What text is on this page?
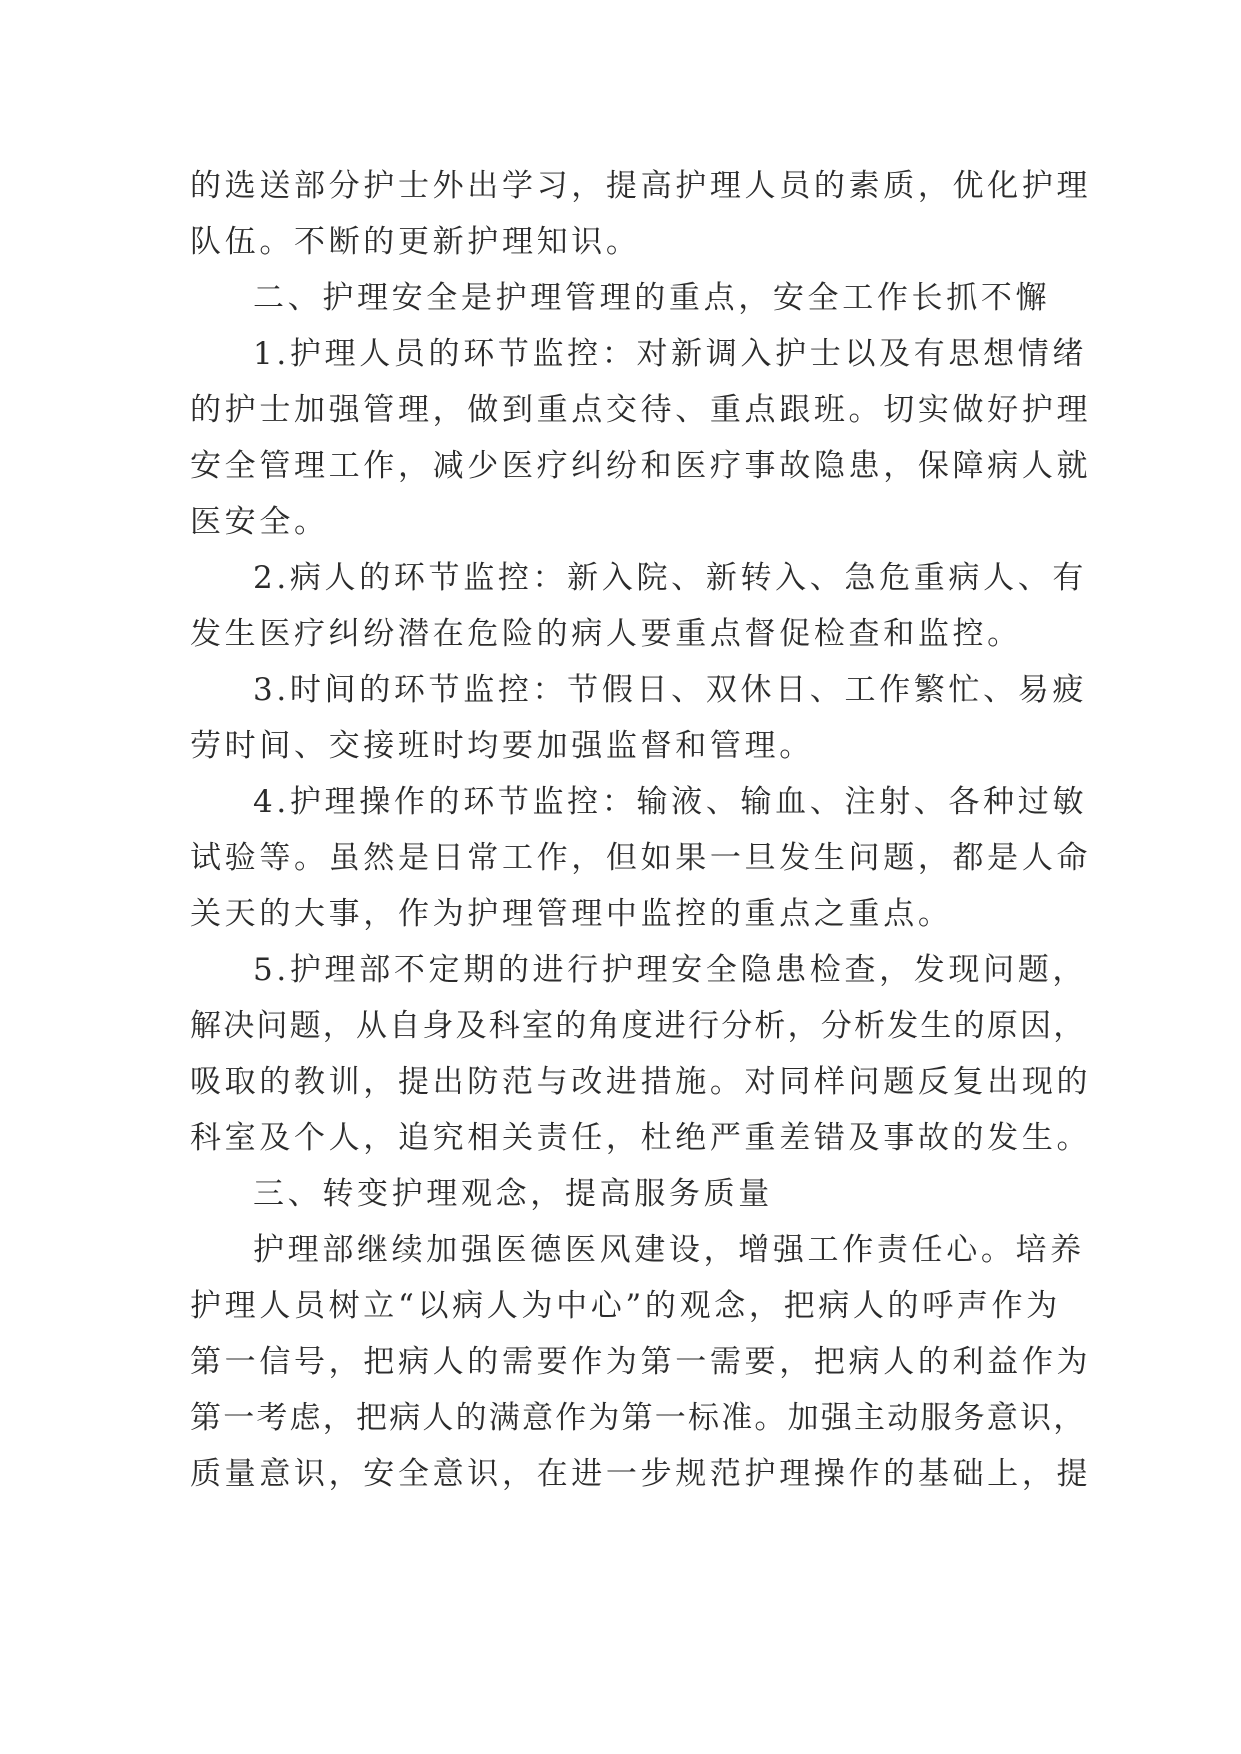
的选送部分护士外出学习，提高护理人员的素质，优化护理
队伍。不断的更新护理知识。
二、护理安全是护理管理的重点，安全工作长抓不懈
1.护理人员的环节监控：对新调入护士以及有思想情绪
的护士加强管理，做到重点交待、重点跟班。切实做好护理
安全管理工作，减少医疗纠纷和医疗事故隐患，保障病人就
医安全。
2.病人的环节监控：新入院、新转入、急危重病人、有
发生医疗纠纷潜在危险的病人要重点督促检查和监控。
3.时间的环节监控：节假日、双休日、工作繁忙、易疲
劳时间、交接班时均要加强监督和管理。
4.护理操作的环节监控：输液、输血、注射、各种过敏
试验等。虽然是日常工作，但如果一旦发生问题，都是人命
关天的大事，作为护理管理中监控的重点之重点。
5.护理部不定期的进行护理安全隐患检查，发现问题，
解决问题，从自身及科室的角度进行分析，分析发生的原因，
吸取的教训，提出防范与改进措施。对同样问题反复出现的
科室及个人，追究相关责任，杜绝严重差错及事故的发生。
三、转变护理观念，提高服务质量
护理部继续加强医德医风建设，增强工作责任心。培养
护理人员树立“以病人为中心”的观念，把病人的呼声作为
第一信号，把病人的需要作为第一需要，把病人的利益作为
第一考虑，把病人的满意作为第一标准。加强主动服务意识，
质量意识，安全意识，在进一步规范护理操作的基础上，提
